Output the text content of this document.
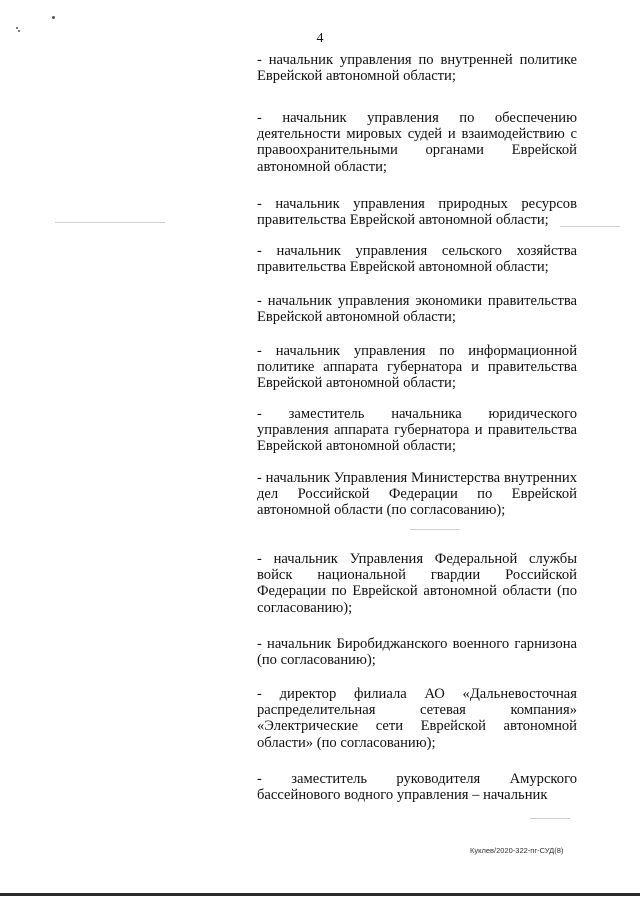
4

- начальник управления по внутренней политике Еврейской автономной области;

- начальник управления по обеспечению деятельности мировых судей и взаимодействию с правоохранительными органами Еврейской автономной области;

- начальник управления природных ресурсов правительства Еврейской автономной области;

- начальник управления сельского хозяйства правительства Еврейской автономной области;

- начальник управления экономики правительства Еврейской автономной области;

- начальник управления по информационной политике аппарата губернатора и правительства Еврейской автономной области;

- заместитель начальника юридического управления аппарата губернатора и правительства Еврейской автономной области;

- начальник Управления Министерства внутренних дел Российской Федерации по Еврейской автономной области (по согласованию);

- начальник Управления Федеральной службы войск национальной гвардии Российской Федерации по Еврейской автономной области (по согласованию);

- начальник Биробиджанского военного гарнизона (по согласованию);

- директор филиала АО «Дальневосточная распределительная сетевая компания» «Электрические сети Еврейской автономной области» (по согласованию);

- заместитель руководителя Амурского бассейнового водного управления – начальник

Куклев/2020-322-пг-СУД(8)
